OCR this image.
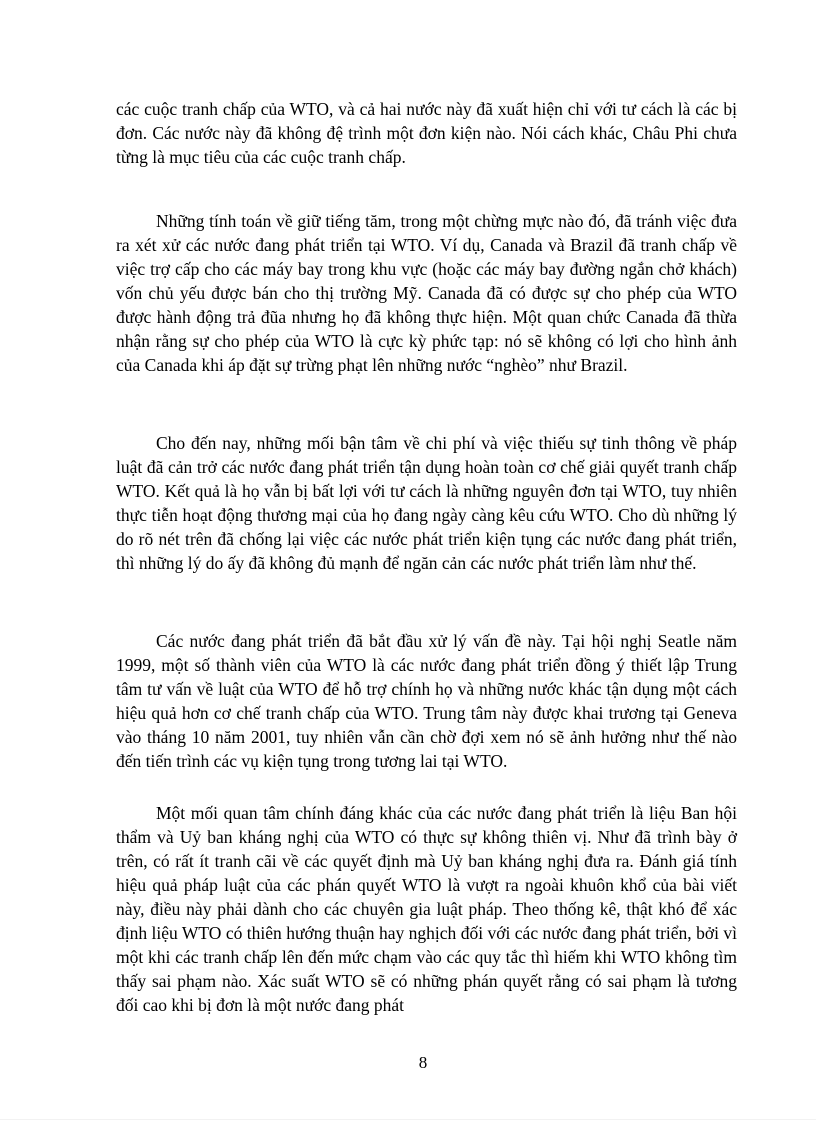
các cuộc tranh chấp của WTO, và cả hai nước này đã xuất hiện chỉ với tư cách là các bị đơn. Các nước này đã không đệ trình một đơn kiện nào. Nói cách khác, Châu Phi chưa từng là mục tiêu của các cuộc tranh chấp.

Những tính toán về giữ tiếng tăm, trong một chừng mực nào đó, đã tránh việc đưa ra xét xử các nước đang phát triển tại WTO. Ví dụ, Canada và Brazil đã tranh chấp về việc trợ cấp cho các máy bay trong khu vực (hoặc các máy bay đường ngắn chở khách) vốn chủ yếu được bán cho thị trường Mỹ. Canada đã có được sự cho phép của WTO được hành động trả đũa nhưng họ đã không thực hiện. Một quan chức Canada đã thừa nhận rằng sự cho phép của WTO là cực kỳ phức tạp: nó sẽ không có lợi cho hình ảnh của Canada khi áp đặt sự trừng phạt lên những nước “nghèo” như Brazil.

Cho đến nay, những mối bận tâm về chi phí và việc thiếu sự tinh thông về pháp luật đã cản trở các nước đang phát triển tận dụng hoàn toàn cơ chế giải quyết tranh chấp WTO. Kết quả là họ vẫn bị bất lợi với tư cách là những nguyên đơn tại WTO, tuy nhiên thực tiễn hoạt động thương mại của họ đang ngày càng kêu cứu WTO. Cho dù những lý do rõ nét trên đã chống lại việc các nước phát triển kiện tụng các nước đang phát triển, thì những lý do ấy đã không đủ mạnh để ngăn cản các nước phát triển làm như thế.

Các nước đang phát triển đã bắt đầu xử lý vấn đề này. Tại hội nghị Seatle năm 1999, một số thành viên của WTO là các nước đang phát triển đồng ý thiết lập Trung tâm tư vấn về luật của WTO để hỗ trợ chính họ và những nước khác tận dụng một cách hiệu quả hơn cơ chế tranh chấp của WTO. Trung tâm này được khai trương tại Geneva vào tháng 10 năm 2001, tuy nhiên vẫn cần chờ đợi xem nó sẽ ảnh hưởng như thế nào đến tiến trình các vụ kiện tụng trong tương lai tại WTO.

Một mối quan tâm chính đáng khác của các nước đang phát triển là liệu Ban hội thẩm và Uỷ ban kháng nghị của WTO có thực sự không thiên vị. Như đã trình bày ở trên, có rất ít tranh cãi về các quyết định mà Uỷ ban kháng nghị đưa ra. Đánh giá tính hiệu quả pháp luật của các phán quyết WTO là vượt ra ngoài khuôn khổ của bài viết này, điều này phải dành cho các chuyên gia luật pháp. Theo thống kê, thật khó để xác định liệu WTO có thiên hướng thuận hay nghịch đối với các nước đang phát triển, bởi vì một khi các tranh chấp lên đến mức chạm vào các quy tắc thì hiếm khi WTO không tìm thấy sai phạm nào. Xác suất WTO sẽ có những phán quyết rằng có sai phạm là tương đối cao khi bị đơn là một nước đang phát

8
